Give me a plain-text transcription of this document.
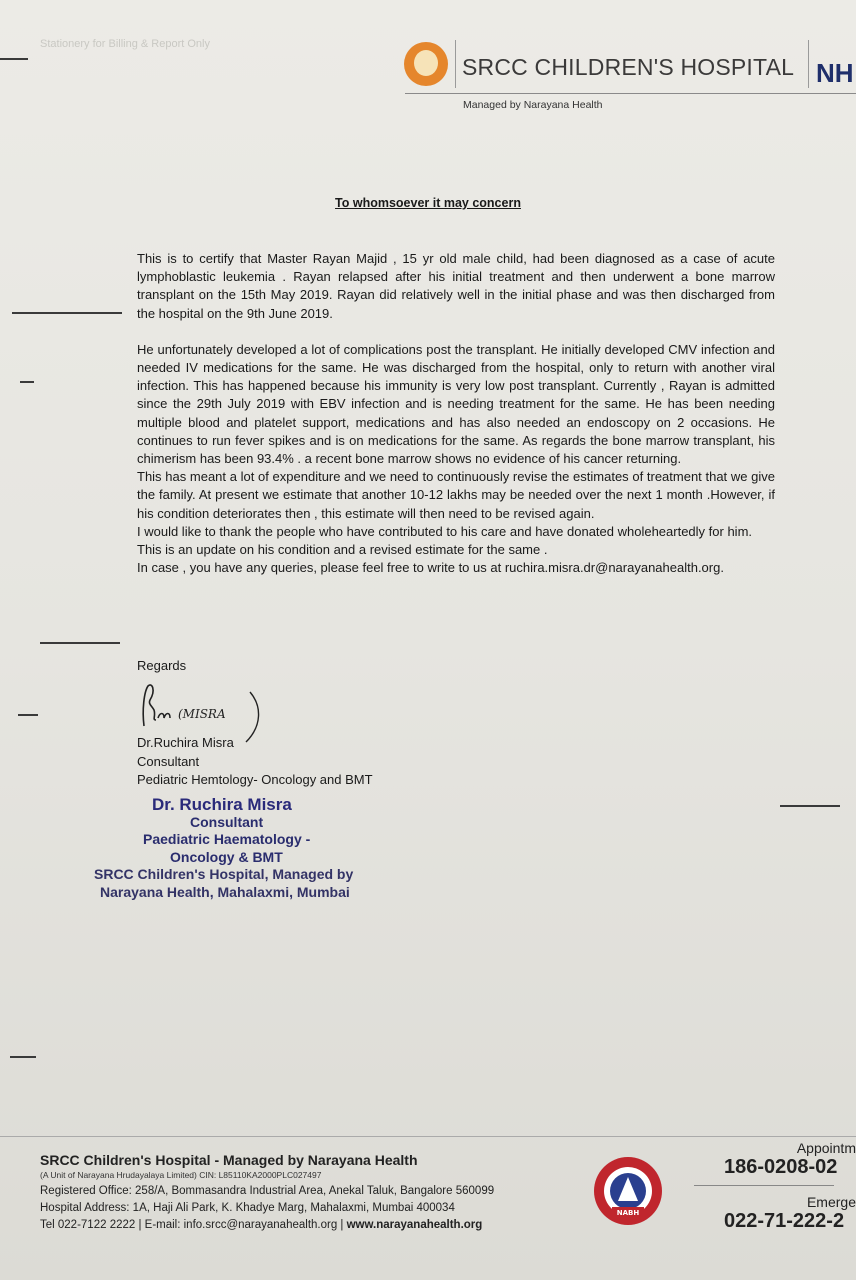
Stationery for Billing & Report Only
SRCC CHILDREN'S HOSPITAL NH
Managed by Narayana Health
To whomsoever it may concern

This is to certify that Master Rayan Majid , 15 yr old male child, had been diagnosed as a case of acute lymphoblastic leukemia . Rayan relapsed after his initial treatment and then underwent a bone marrow transplant on the 15th May 2019. Rayan did relatively well in the initial phase and was then discharged from the hospital on the 9th June 2019.

He unfortunately developed a lot of complications post the transplant. He initially developed CMV infection and needed IV medications for the same. He was discharged from the hospital, only to return with another viral infection. This has happened because his immunity is very low post transplant. Currently , Rayan is admitted since the 29th July 2019 with EBV infection and is needing treatment for the same. He has been needing multiple blood and platelet support, medications and has also needed an endoscopy on 2 occasions. He continues to run fever spikes and is on medications for the same. As regards the bone marrow transplant, his chimerism has been 93.4% . a recent bone marrow shows no evidence of his cancer returning.

This has meant a lot of expenditure and we need to continuously revise the estimates of treatment that we give the family. At present we estimate that another 10-12 lakhs may be needed over the next 1 month .However, if his condition deteriorates then , this estimate will then need to be revised again.

I would like to thank the people who have contributed to his care and have donated wholeheartedly for him.

This is an update on his condition and a revised estimate for the same .

In case , you have any queries, please feel free to write to us at ruchira.misra.dr@narayanahealth.org.

Regards
(MISRA
Dr.Ruchira Misra
Consultant
Pediatric Hemtology- Oncology and BMT
Dr. Ruchira Misra
Consultant
Paediatric Haematology -
Oncology & BMT
SRCC Children's Hospital, Managed by
Narayana Health, Mahalaxmi, Mumbai
SRCC Children's Hospital - Managed by Narayana Health
(A Unit of Narayana Hrudayalaya Limited) CIN: L85110KA2000PLC027497
Registered Office: 258/A, Bommasandra Industrial Area, Anekal Taluk, Bangalore 560099
Hospital Address: 1A, Haji Ali Park, K. Khadye Marg, Mahalaxmi, Mumbai 400034
Tel 022-7122 2222 | E-mail: info.srcc@narayanahealth.org | www.narayanahealth.org
NABH
Appointm
186-0208-02
Emerge
022-71-222-2
